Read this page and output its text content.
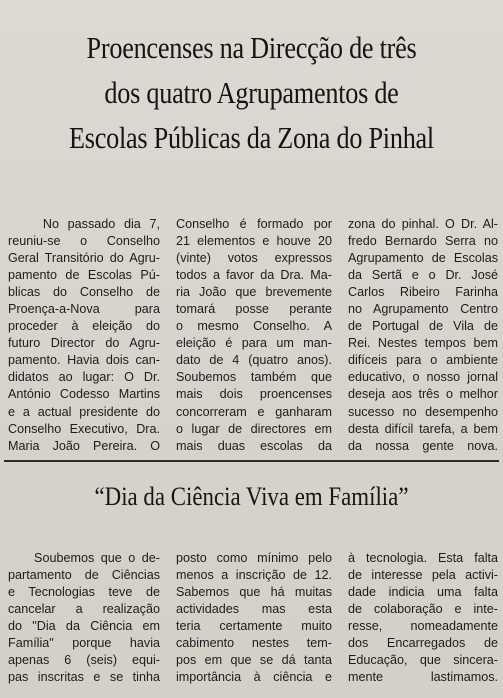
Proencenses na Direcção de três
dos quatro Agrupamentos de
Escolas Públicas da Zona do Pinhal
No passado dia 7,
reuniu-se o Conselho
Geral Transitório do Agru-
pamento de Escolas Pú-
blicas do Conselho de
Proença-a-Nova para
proceder à eleição do
futuro Director do Agru-
pamento. Havia dois can-
didatos ao lugar: O Dr.
António Codesso Martins
e a actual presidente do
Conselho Executivo, Dra.
Maria João Pereira. O
Conselho é formado por
21 elementos e houve 20
(vinte) votos expressos
todos a favor da Dra. Ma-
ria João que brevemente
tomará posse perante
o mesmo Conselho. A
eleição é para um man-
dato de 4 (quatro anos).
Soubemos também que
mais dois proencenses
concorreram e ganharam
o lugar de directores em
mais duas escolas da
zona do pinhal. O Dr. Al-
fredo Bernardo Serra no
Agrupamento de Escolas
da Sertã e o Dr. José
Carlos Ribeiro Farinha
no Agrupamento Centro
de Portugal de Vila de
Rei. Nestes tempos bem
difíceis para o ambiente
educativo, o nosso jornal
deseja aos três o melhor
sucesso no desempenho
desta difícil tarefa, a bem
da nossa gente nova.
“Dia da Ciência Viva em Família”
Soubemos que o de-
partamento de Ciências
e Tecnologias teve de
cancelar a realização
do "Dia da Ciência em
Família" porque havia
apenas 6 (seis) equi-
pas inscritas e se tinha
posto como mínimo pelo
menos a inscrição de 12.
Sabemos que há muitas
actividades mas esta
teria certamente muito
cabimento nestes tem-
pos em que se dá tanta
importância à ciência e
à tecnologia. Esta falta
de interesse pela activi-
dade indicia uma falta
de colaboração e inte-
resse, nomeadamente
dos Encarregados de
Educação, que sincera-
mente lastimamos.
